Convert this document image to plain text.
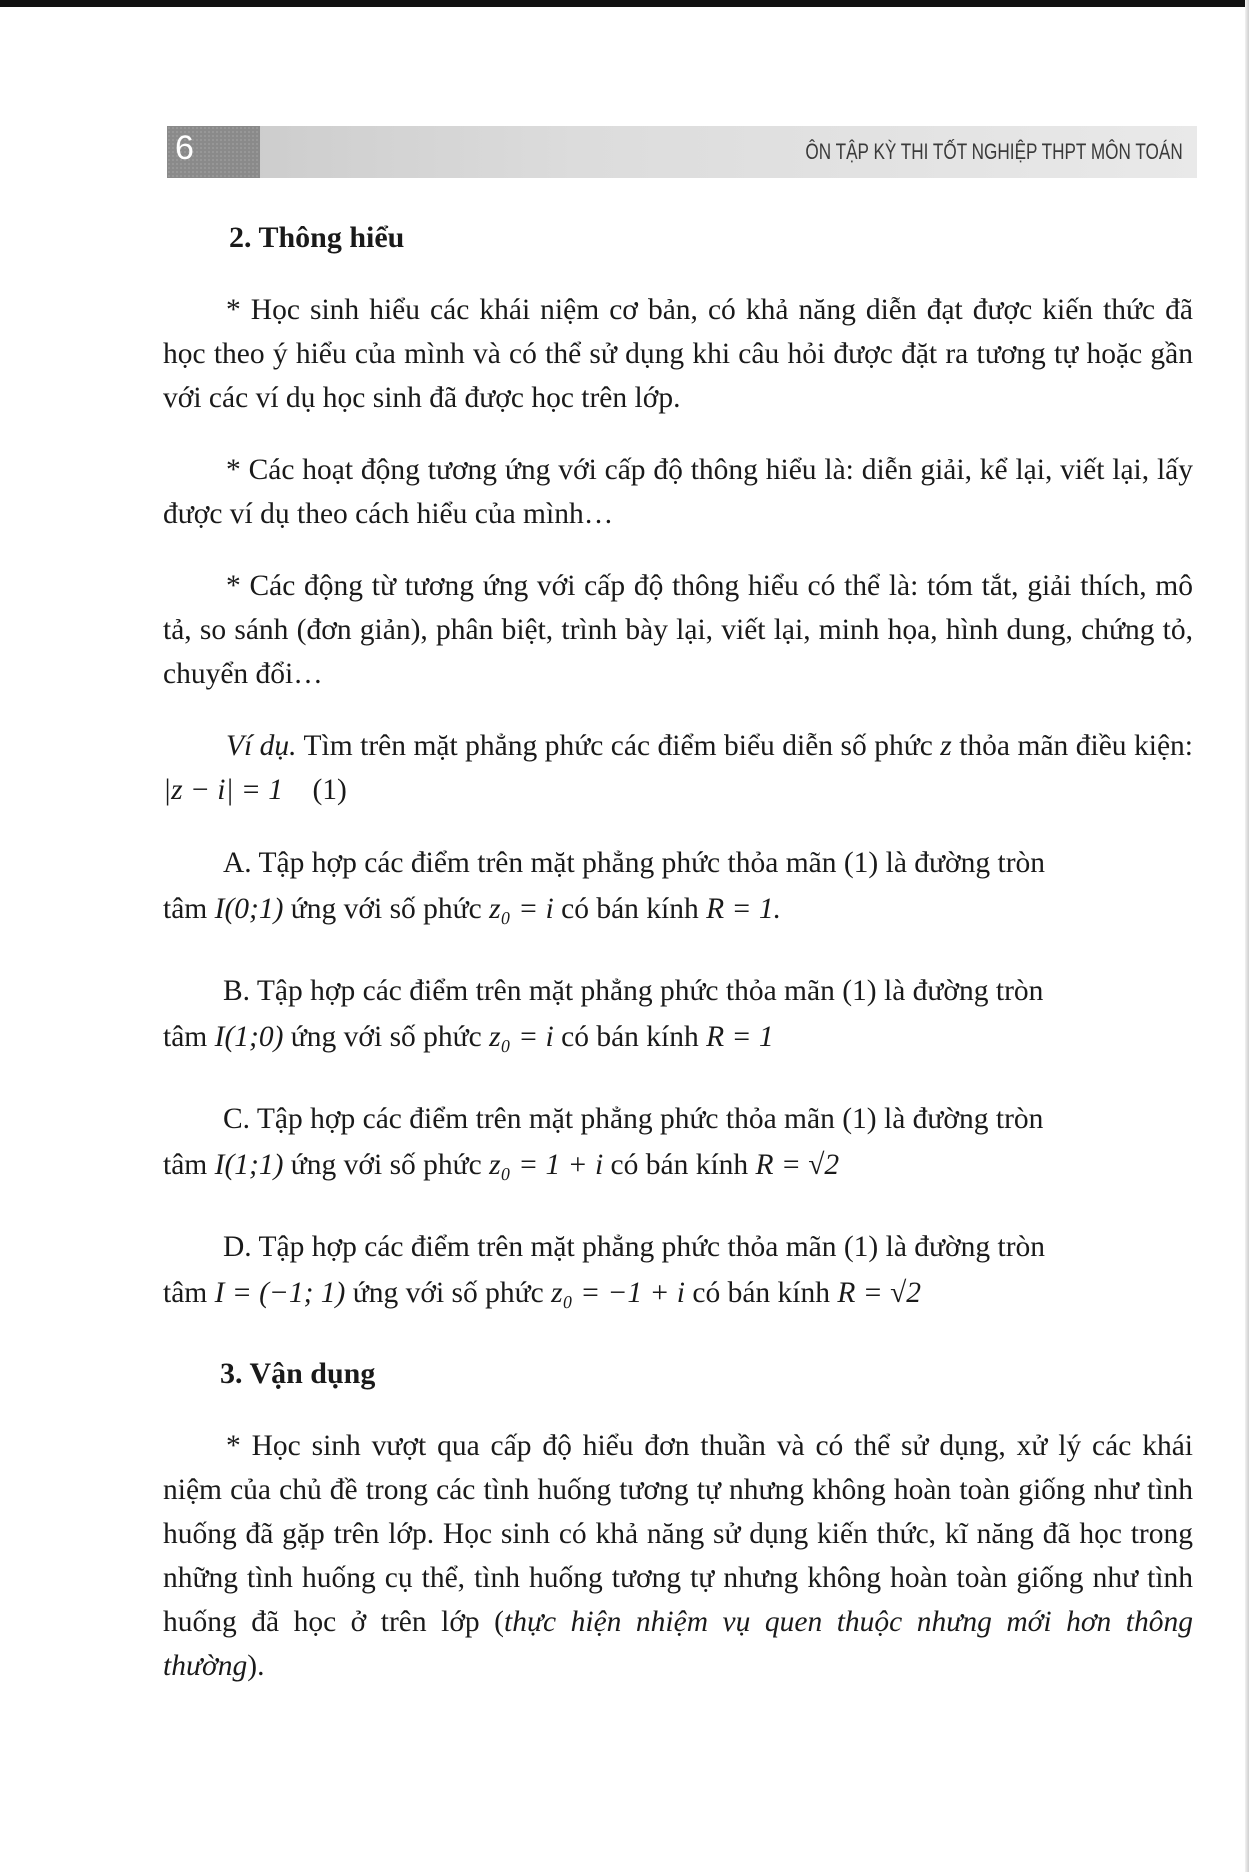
6	ÔN TẬP KỲ THI TỐT NGHIỆP THPT MÔN TOÁN
2. Thông hiểu

* Học sinh hiểu các khái niệm cơ bản, có khả năng diễn đạt được kiến thức đã học theo ý hiểu của mình và có thể sử dụng khi câu hỏi được đặt ra tương tự hoặc gần với các ví dụ học sinh đã được học trên lớp.

* Các hoạt động tương ứng với cấp độ thông hiểu là: diễn giải, kể lại, viết lại, lấy được ví dụ theo cách hiểu của mình…

* Các động từ tương ứng với cấp độ thông hiểu có thể là: tóm tắt, giải thích, mô tả, so sánh (đơn giản), phân biệt, trình bày lại, viết lại, minh họa, hình dung, chứng tỏ, chuyển đổi…

Ví dụ. Tìm trên mặt phẳng phức các điểm biểu diễn số phức z thỏa mãn điều kiện: |z − i| = 1 (1)

A. Tập hợp các điểm trên mặt phẳng phức thỏa mãn (1) là đường tròn

tâm I(0;1) ứng với số phức z₀ = i có bán kính R = 1.

B. Tập hợp các điểm trên mặt phẳng phức thỏa mãn (1) là đường tròn

tâm I(1;0) ứng với số phức z₀ = i có bán kính R = 1

C. Tập hợp các điểm trên mặt phẳng phức thỏa mãn (1) là đường tròn

tâm I(1;1) ứng với số phức z₀ = 1 + i có bán kính R = √2

D. Tập hợp các điểm trên mặt phẳng phức thỏa mãn (1) là đường tròn

tâm I = (−1; 1) ứng với số phức z₀ = −1 + i có bán kính R = √2

3. Vận dụng

* Học sinh vượt qua cấp độ hiểu đơn thuần và có thể sử dụng, xử lý các khái niệm của chủ đề trong các tình huống tương tự nhưng không hoàn toàn giống như tình huống đã gặp trên lớp. Học sinh có khả năng sử dụng kiến thức, kĩ năng đã học trong những tình huống cụ thể, tình huống tương tự nhưng không hoàn toàn giống như tình huống đã học ở trên lớp (thực hiện nhiệm vụ quen thuộc nhưng mới hơn thông thường).
